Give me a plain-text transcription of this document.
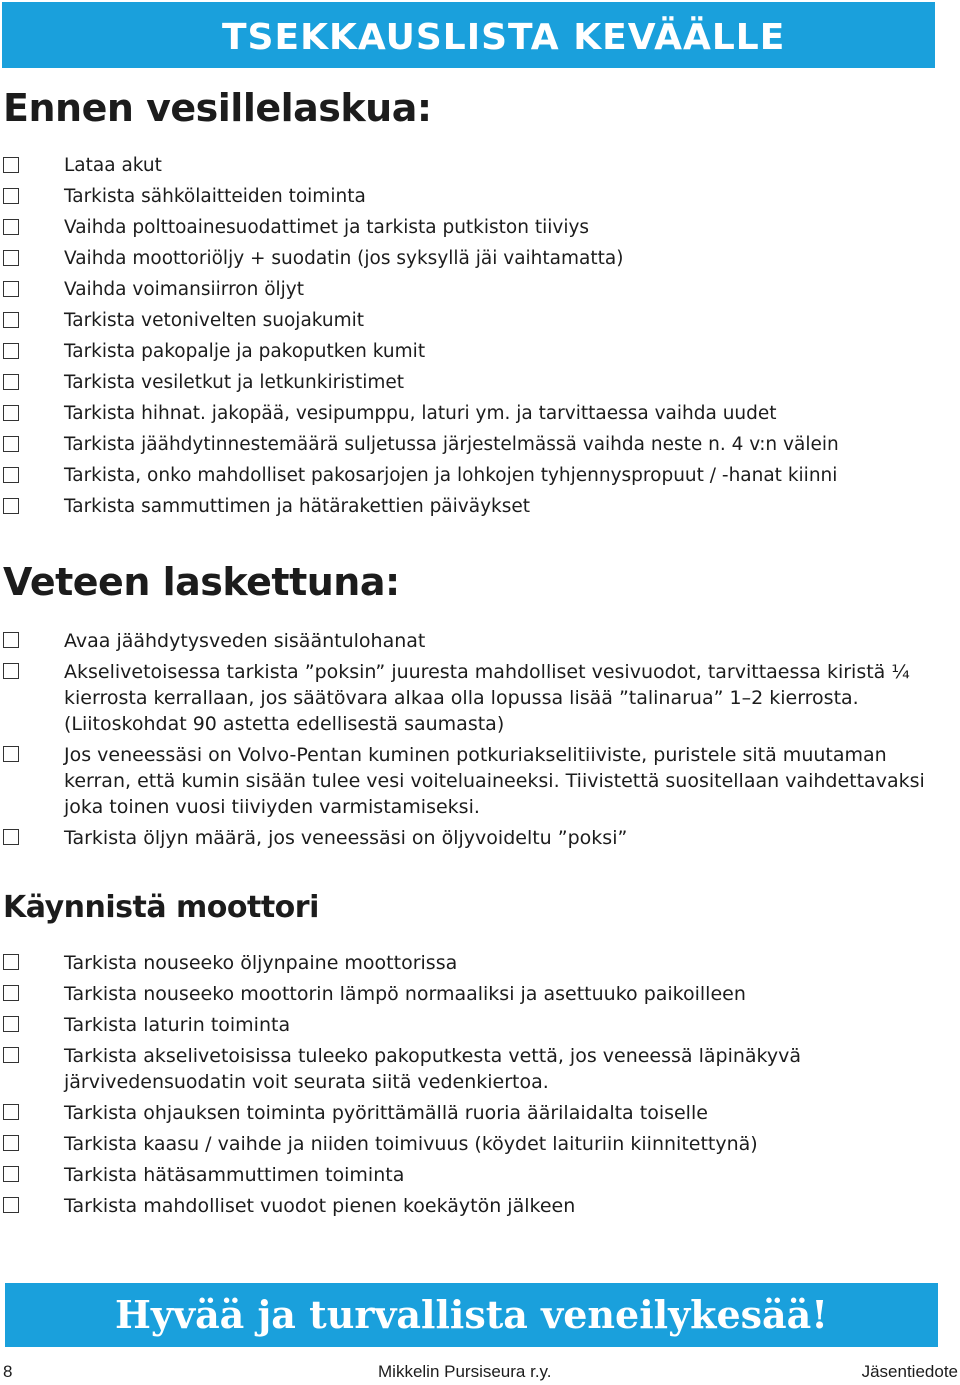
TSEKKAUSLISTA KEVÄÄLLE
Ennen vesillelaskua:
Lataa akut
Tarkista sähkölaitteiden toiminta
Vaihda polttoainesuodattimet ja tarkista putkiston tiiviys
Vaihda moottoriöljy + suodatin (jos syksyllä jäi vaihtamatta)
Vaihda voimansiirron öljyt
Tarkista vetonivelten suojakumit
Tarkista pakopalje ja pakoputken kumit
Tarkista vesiletkut ja letkunkiristimet
Tarkista hihnat. jakopää, vesipumppu, laturi ym. ja tarvittaessa vaihda uudet
Tarkista jäähdytinnestemäärä suljetussa järjestelmässä vaihda neste n. 4 v:n välein
Tarkista, onko mahdolliset pakosarjojen ja lohkojen tyhjennyspropuut / -hanat kiinni
Tarkista sammuttimen ja hätärakettien päiväykset
Veteen laskettuna:
Avaa jäähdytysveden sisääntulohanat
Akselivetoisessa tarkista ”poksin” juuresta mahdolliset vesivuodot, tarvittaessa kiristä ¼ kierrosta kerrallaan, jos säätövara alkaa olla lopussa lisää ”talinarua” 1–2 kierrosta. (Liitoskohdat 90 astetta edellisestä saumasta)
Jos veneessäsi on Volvo-Pentan kuminen potkuriakselitiiviste, puristele sitä muutaman kerran, että kumin sisään tulee vesi voiteluaineeksi. Tiivistettä suositellaan vaihdettavaksi joka toinen vuosi tiiviyden varmistamiseksi.
Tarkista öljyn määrä, jos veneessäsi on öljyvoideltu ”poksi”
Käynnistä moottori
Tarkista nouseeko öljynpaine moottorissa
Tarkista nouseeko moottorin lämpö normaaliksi ja asettuuko paikoilleen
Tarkista laturin toiminta
Tarkista akselivetoisissa tuleeko pakoputkesta vettä, jos veneessä läpinäkyvä järvivedensuodatin voit seurata siitä vedenkiertoa.
Tarkista ohjauksen toiminta pyörittämällä ruoria äärilaidalta toiselle
Tarkista kaasu / vaihde ja niiden toimivuus (köydet laituriin kiinnitettynä)
Tarkista hätäsammuttimen toiminta
Tarkista mahdolliset vuodot pienen koekäytön jälkeen
Hyvää ja turvallista veneilykesää!
8	Mikkelin Pursiseura r.y.	Jäsentiedote
